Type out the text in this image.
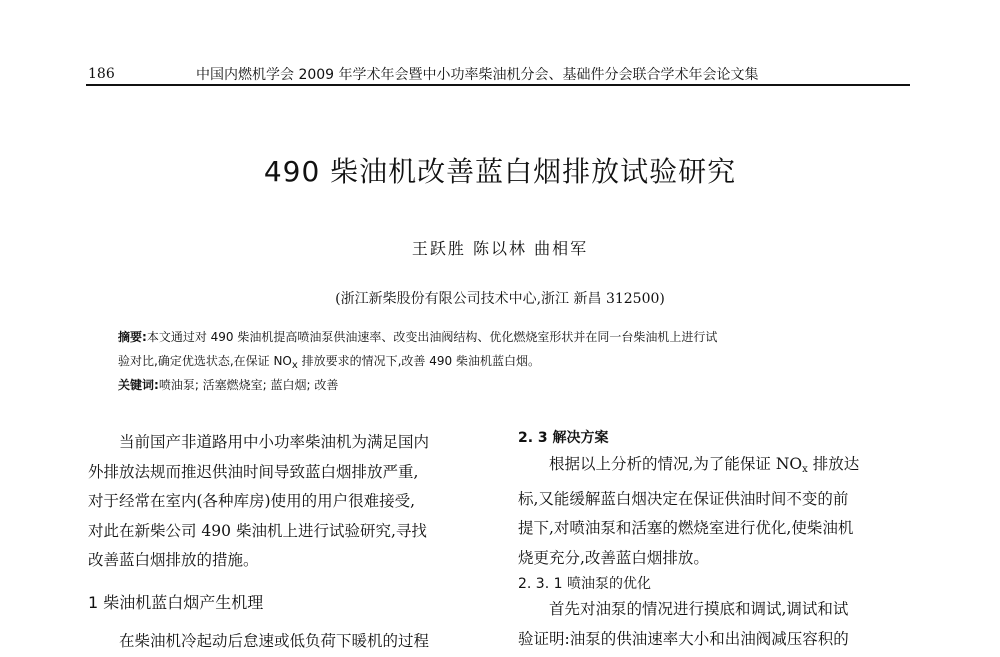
186	中国内燃机学会 2009 年学术年会暨中小功率柴油机分会、基础件分会联合学术年会论文集
490 柴油机改善蓝白烟排放试验研究
王跃胜 陈以林 曲相军
(浙江新柴股份有限公司技术中心,浙江 新昌 312500)
摘要:本文通过对 490 柴油机提高喷油泵供油速率、改变出油阀结构、优化燃烧室形状并在同一台柴油机上进行试
验对比,确定优选状态,在保证 $NO_x$ 排放要求的情况下,改善 490 柴油机蓝白烟。
关键词:喷油泵; 活塞燃烧室; 蓝白烟; 改善

当前国产非道路用中小功率柴油机为满足国内

外排放法规而推迟供油时间导致蓝白烟排放严重,

对于经常在室内(各种库房)使用的用户很难接受,

对此在新柴公司 490 柴油机上进行试验研究,寻找

改善蓝白烟排放的措施。

1 柴油机蓝白烟产生机理

在柴油机冷起动后怠速或低负荷下暖机的过程

2. 3 解决方案

根据以上分析的情况,为了能保证 $NO_x$ 排放达

标,又能缓解蓝白烟决定在保证供油时间不变的前

提下,对喷油泵和活塞的燃烧室进行优化,使柴油机

烧更充分,改善蓝白烟排放。

2. 3. 1 喷油泵的优化

首先对油泵的情况进行摸底和调试,调试和试

验证明:油泵的供油速率大小和出油阀减压容积的
